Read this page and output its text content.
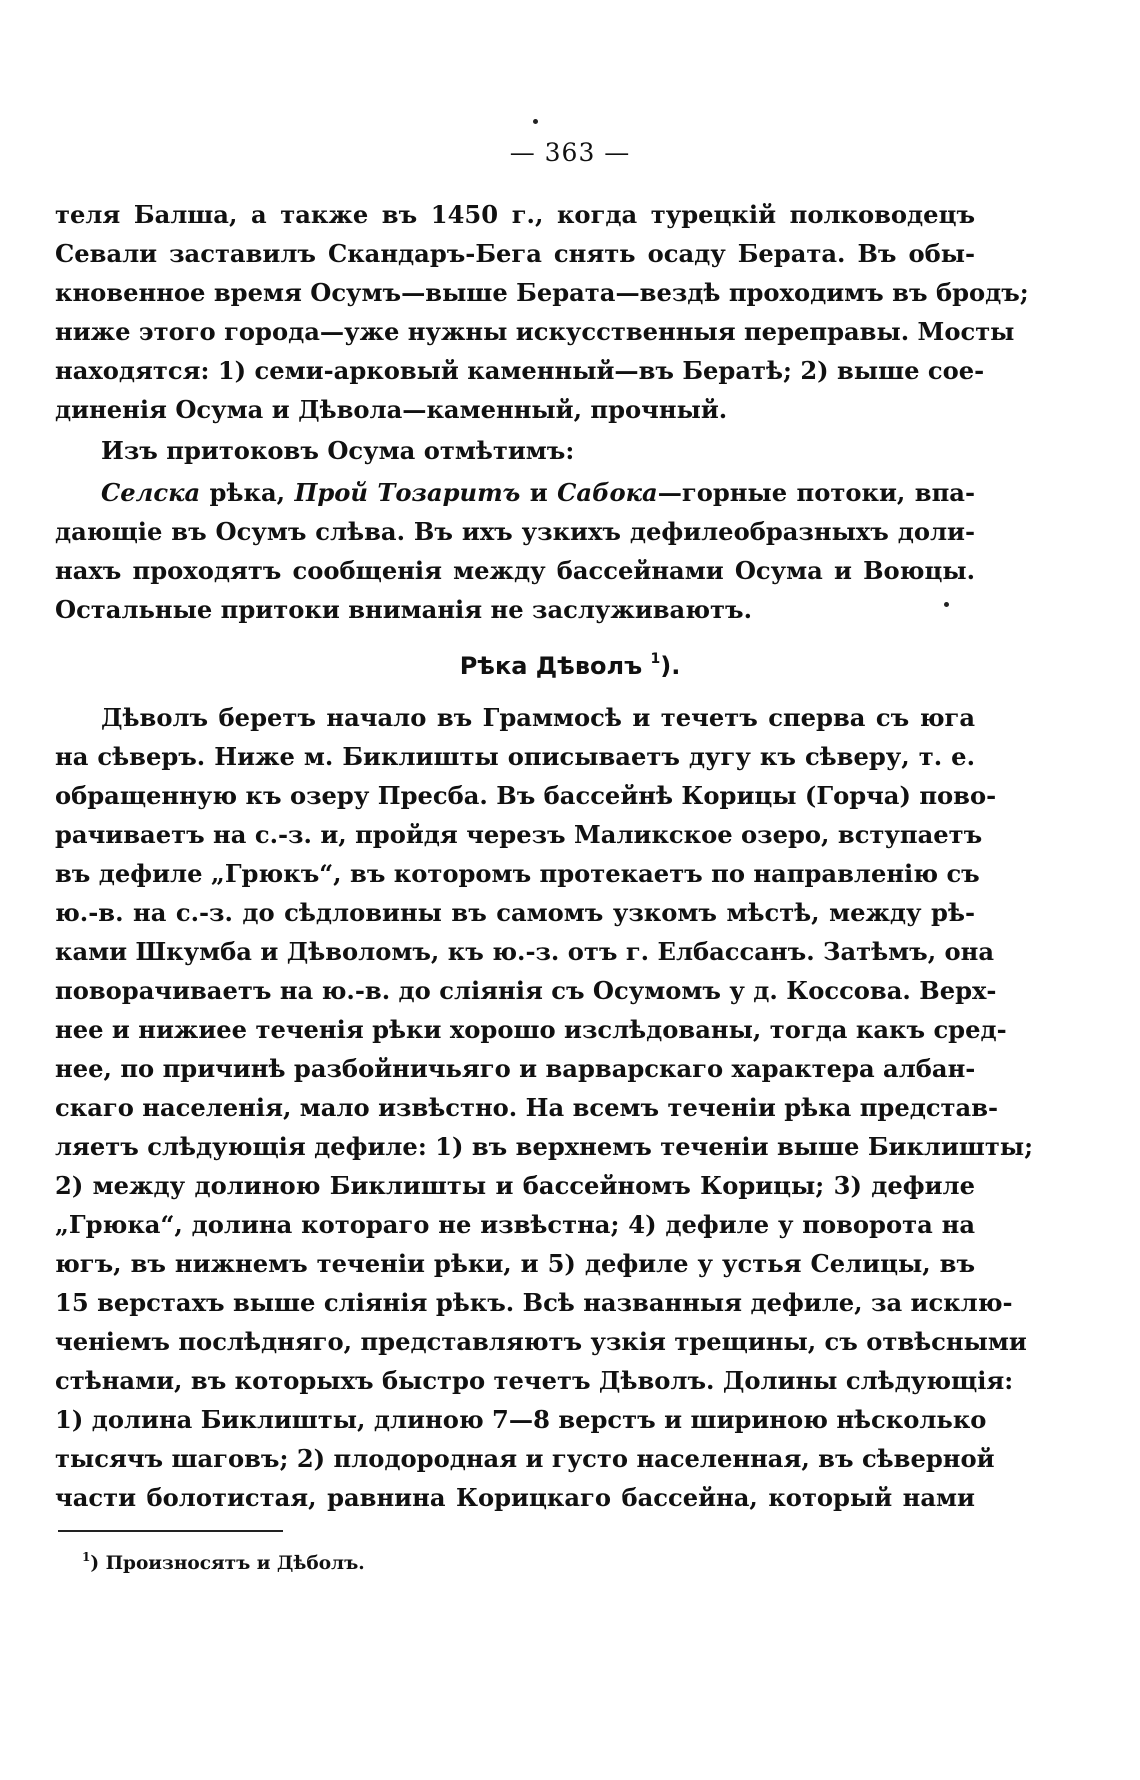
— 363 —
теля Балша, а также въ 1450 г., когда турецкій полководецъ
Севали заставилъ Скандаръ-Бега снять осаду Берата. Въ обы-
кновенное время Осумъ—выше Берата—вездѣ проходимъ въ бродъ;
ниже этого города—уже нужны искусственныя переправы. Мосты
находятся: 1) семи-арковый каменный—въ Бератѣ; 2) выше сое-
диненія Осума и Дѣвола—каменный, прочный.
Изъ притоковъ Осума отмѣтимъ:
Селска рѣка, Прой Тозаритъ и Сабока—горные потоки, впа-
дающіе въ Осумъ слѣва. Въ ихъ узкихъ дефилеобразныхъ доли-
нахъ проходятъ сообщенія между бассейнами Осума и Воюцы.
Остальные притоки вниманія не заслуживаютъ.
Рѣка Дѣволъ $^1$).
Дѣволъ беретъ начало въ Граммосѣ и течетъ сперва съ юга
на сѣверъ. Ниже м. Биклишты описываетъ дугу къ сѣверу, т. е.
обращенную къ озеру Пресба. Въ бассейнѣ Корицы (Горча) пово-
рачиваетъ на с.-з. и, пройдя черезъ Маликское озеро, вступаетъ
въ дефиле „Грюкъ“, въ которомъ протекаетъ по направленію съ
ю.-в. на с.-з. до сѣдловины въ самомъ узкомъ мѣстѣ, между рѣ-
ками Шкумба и Дѣволомъ, къ ю.-з. отъ г. Елбассанъ. Затѣмъ, она
поворачиваетъ на ю.-в. до сліянія съ Осумомъ у д. Коссова. Верх-
нее и нижиее теченія рѣки хорошо изслѣдованы, тогда какъ сред-
нее, по причинѣ разбойничьяго и варварскаго характера албан-
скаго населенія, мало извѣстно. На всемъ теченіи рѣка представ-
ляетъ слѣдующія дефиле: 1) въ верхнемъ теченіи выше Биклишты;
2) между долиною Биклишты и бассейномъ Корицы; 3) дефиле
„Грюка“, долина котораго не извѣстна; 4) дефиле у поворота на
югъ, въ нижнемъ теченіи рѣки, и 5) дефиле у устья Селицы, въ
15 верстахъ выше сліянія рѣкъ. Всѣ названныя дефиле, за исклю-
ченіемъ послѣдняго, представляютъ узкія трещины, съ отвѣсными
стѣнами, въ которыхъ быстро течетъ Дѣволъ. Долины слѣдующія:
1) долина Биклишты, длиною 7—8 верстъ и шириною нѣсколько
тысячъ шаговъ; 2) плодородная и густо населенная, въ сѣверной
части болотистая, равнина Корицкаго бассейна, который нами
$^1$) Произносятъ и Дѣболъ.
